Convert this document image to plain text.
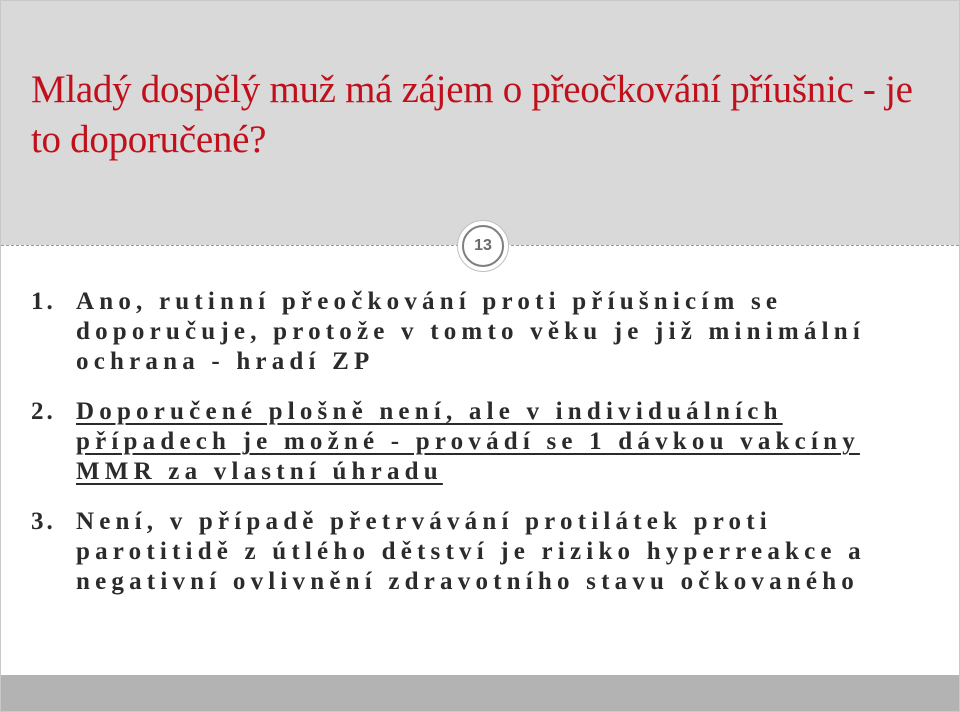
Mladý dospělý muž má zájem o přeočkování příušnic - je to doporučené?
13
1. Ano, rutinní přeočkování proti příušnicím se doporučuje, protože v tomto věku je již minimální ochrana - hradí ZP
2. Doporučené plošně není, ale v individuálních případech je možné - provádí se 1 dávkou vakcíny MMR za vlastní úhradu
3. Není, v případě přetrvávání protilátek proti parotitidě z útlého dětství je riziko hyperreakce a negativní ovlivnění zdravotního stavu očkovaného
